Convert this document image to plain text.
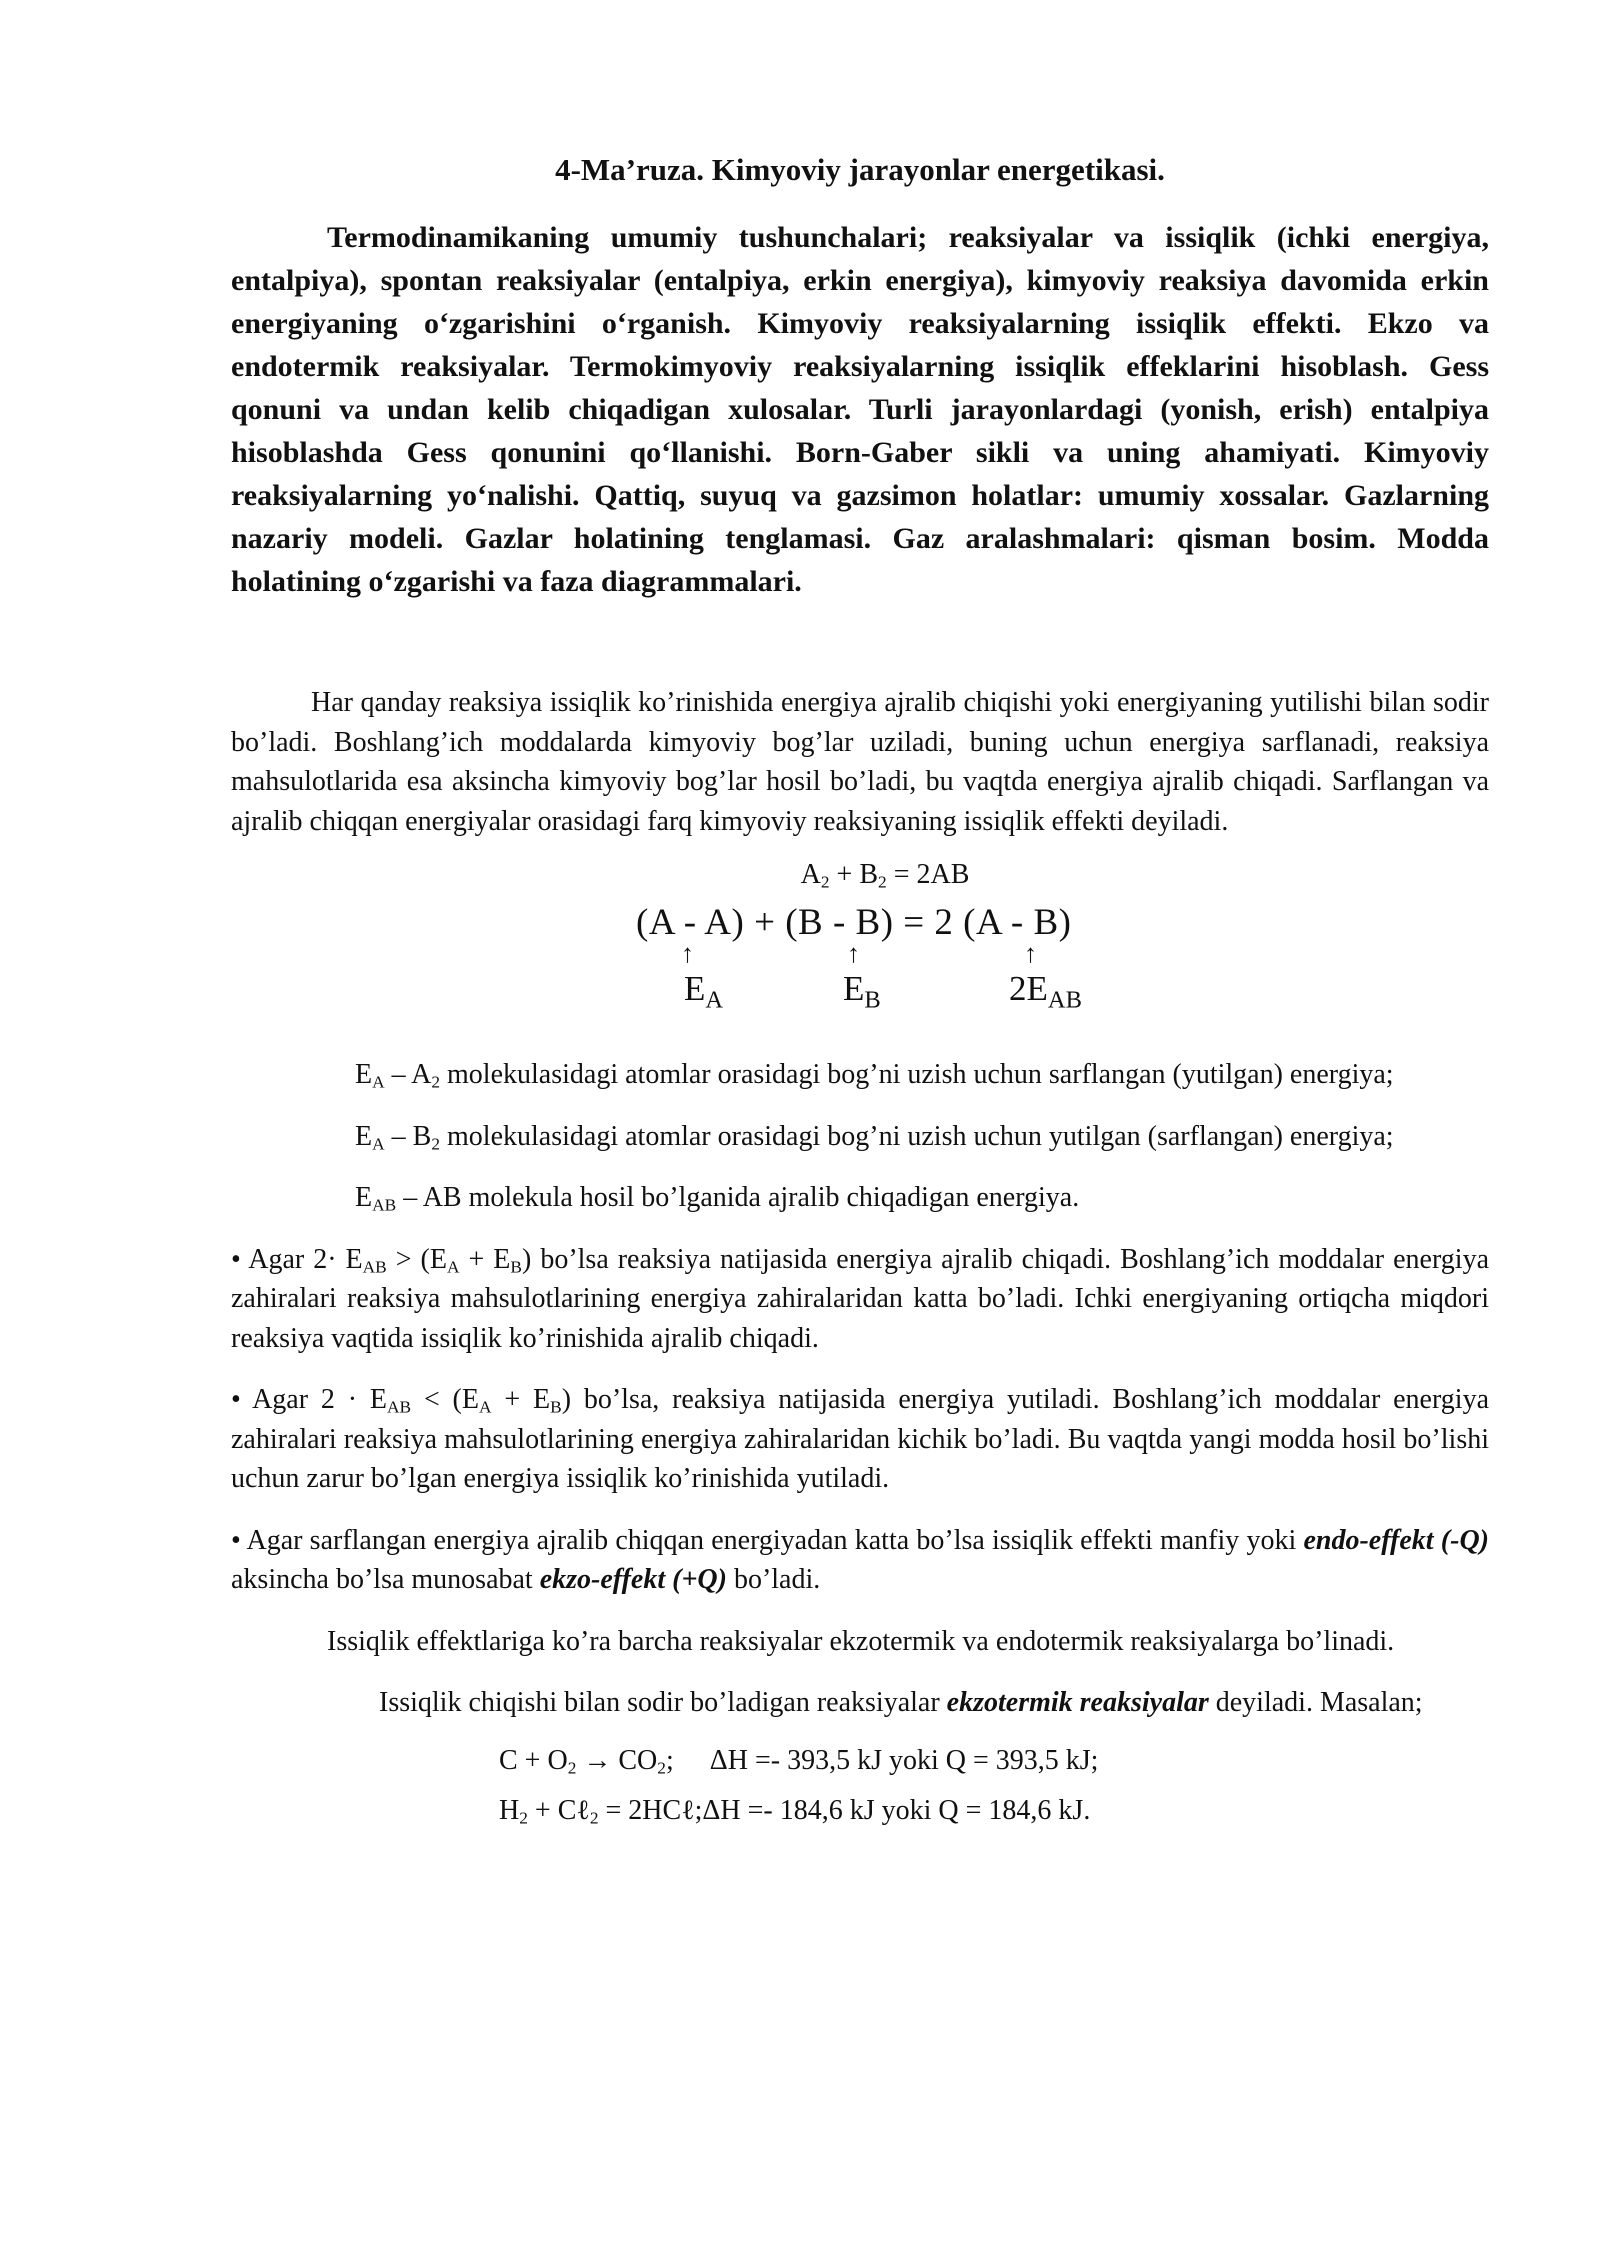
4-Ma’ruza. Kimyoviy jarayonlar energetikasi.

Termodinamikaning umumiy tushunchalari; reaksiyalar va issiqlik (ichki energiya, entalpiya), spontan reaksiyalar (entalpiya, erkin energiya), kimyoviy reaksiya davomida erkin energiyaning o‘zgarishini o‘rganish. Kimyoviy reaksiyalarning issiqlik effekti. Ekzo va endotermik reaksiyalar. Termokimyoviy reaksiyalarning issiqlik effeklarini hisoblash. Gess qonuni va undan kelib chiqadigan xulosalar. Turli jarayonlardagi (yonish, erish) entalpiya hisoblashda Gess qonunini qo‘llanishi. Born-Gaber sikli va uning ahamiyati. Kimyoviy reaksiyalarning yo‘nalishi. Qattiq, suyuq va gazsimon holatlar: umumiy xossalar. Gazlarning nazariy modeli. Gazlar holatining tenglamasi. Gaz aralashmalari: qisman bosim. Modda holatining o‘zgarishi va faza diagrammalari.

Har qanday reaksiya issiqlik ko’rinishida energiya ajralib chiqishi yoki energiyaning yutilishi bilan sodir bo’ladi. Boshlang’ich moddalarda kimyoviy bog’lar uziladi, buning uchun energiya sarflanadi, reaksiya mahsulotlarida esa aksincha kimyoviy bog’lar hosil bo’ladi, bu vaqtda energiya ajralib chiqadi. Sarflangan va ajralib chiqqan energiyalar orasidagi farq kimyoviy reaksiyaning issiqlik effekti deyiladi.

$A_2 + B_2 = 2AB$
(A - A) + (B - B) = 2 (A - B)
↑	↑	↑
$E_A$	$E_B$	$2E_{AB}$

$E_A - A_2$ molekulasidagi atomlar orasidagi bog’ni uzish uchun sarflangan (yutilgan) energiya;

$E_A - B_2$ molekulasidagi atomlar orasidagi bog’ni uzish uchun yutilgan (sarflangan) energiya;

$E_{AB}$ – AB molekula hosil bo’lganida ajralib chiqadigan energiya.

• Agar $2\cdot E_{AB} > (E_A + E_B)$ bo’lsa reaksiya natijasida energiya ajralib chiqadi. Boshlang’ich moddalar energiya zahiralari reaksiya mahsulotlarining energiya zahiralaridan katta bo’ladi. Ichki energiyaning ortiqcha miqdori reaksiya vaqtida issiqlik ko’rinishida ajralib chiqadi.

• Agar $2 \cdot E_{AB} < (E_A + E_B)$ bo’lsa, reaksiya natijasida energiya yutiladi. Boshlang’ich moddalar energiya zahiralari reaksiya mahsulotlarining energiya zahiralaridan kichik bo’ladi. Bu vaqtda yangi modda hosil bo’lishi uchun zarur bo’lgan energiya issiqlik ko’rinishida yutiladi.

• Agar sarflangan energiya ajralib chiqqan energiyadan katta bo’lsa issiqlik effekti manfiy yoki endo-effekt (-Q) aksincha bo’lsa munosabat ekzo-effekt (+Q) bo’ladi.

Issiqlik effektlariga ko’ra barcha reaksiyalar ekzotermik va endotermik reaksiyalarga bo’linadi.

Issiqlik chiqishi bilan sodir bo’ladigan reaksiyalar ekzotermik reaksiyalar deyiladi. Masalan;

$C + O_2 \to CO_2$; ΔH =- 393,5 kJ yoki Q = 393,5 kJ;
$H_2$ + Cℓ$_2$ = 2HCℓ;ΔH =- 184,6 kJ yoki Q = 184,6 kJ.
